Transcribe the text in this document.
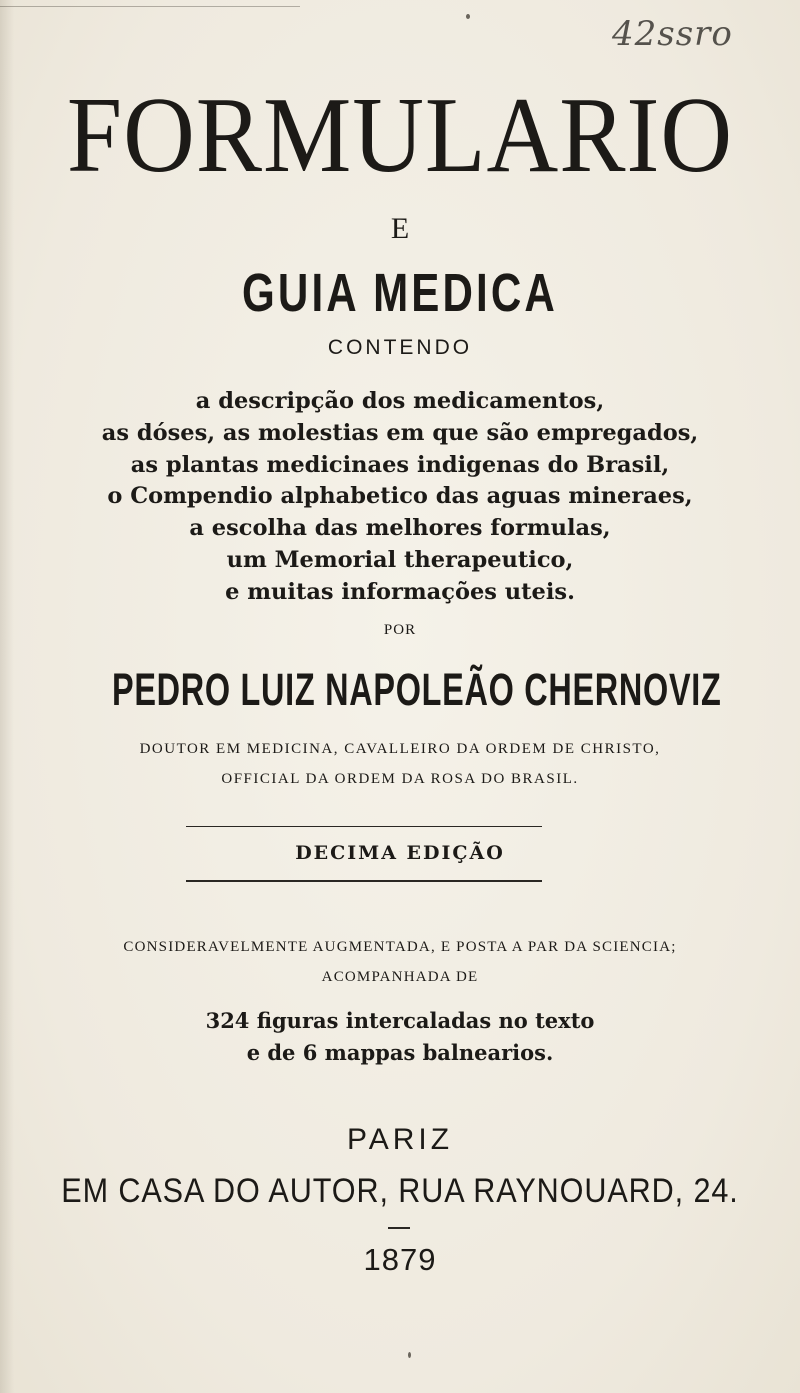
42ssro
FORMULARIO
E
GUIA MEDICA
CONTENDO
a descripção dos medicamentos,
as dóses, as molestias em que são empregados,
as plantas medicinaes indigenas do Brasil,
o Compendio alphabetico das aguas mineraes,
a escolha das melhores formulas,
um Memorial therapeutico,
e muitas informações uteis.
POR
PEDRO LUIZ NAPOLEÃO CHERNOVIZ
DOUTOR EM MEDICINA, CAVALLEIRO DA ORDEM DE CHRISTO,
OFFICIAL DA ORDEM DA ROSA DO BRASIL.
DECIMA EDIÇÃO
CONSIDERAVELMENTE AUGMENTADA, E POSTA A PAR DA SCIENCIA;
ACOMPANHADA DE
324 figuras intercaladas no texto
e de 6 mappas balnearios.
PARIZ
EM CASA DO AUTOR, RUA RAYNOUARD, 24.
1879
